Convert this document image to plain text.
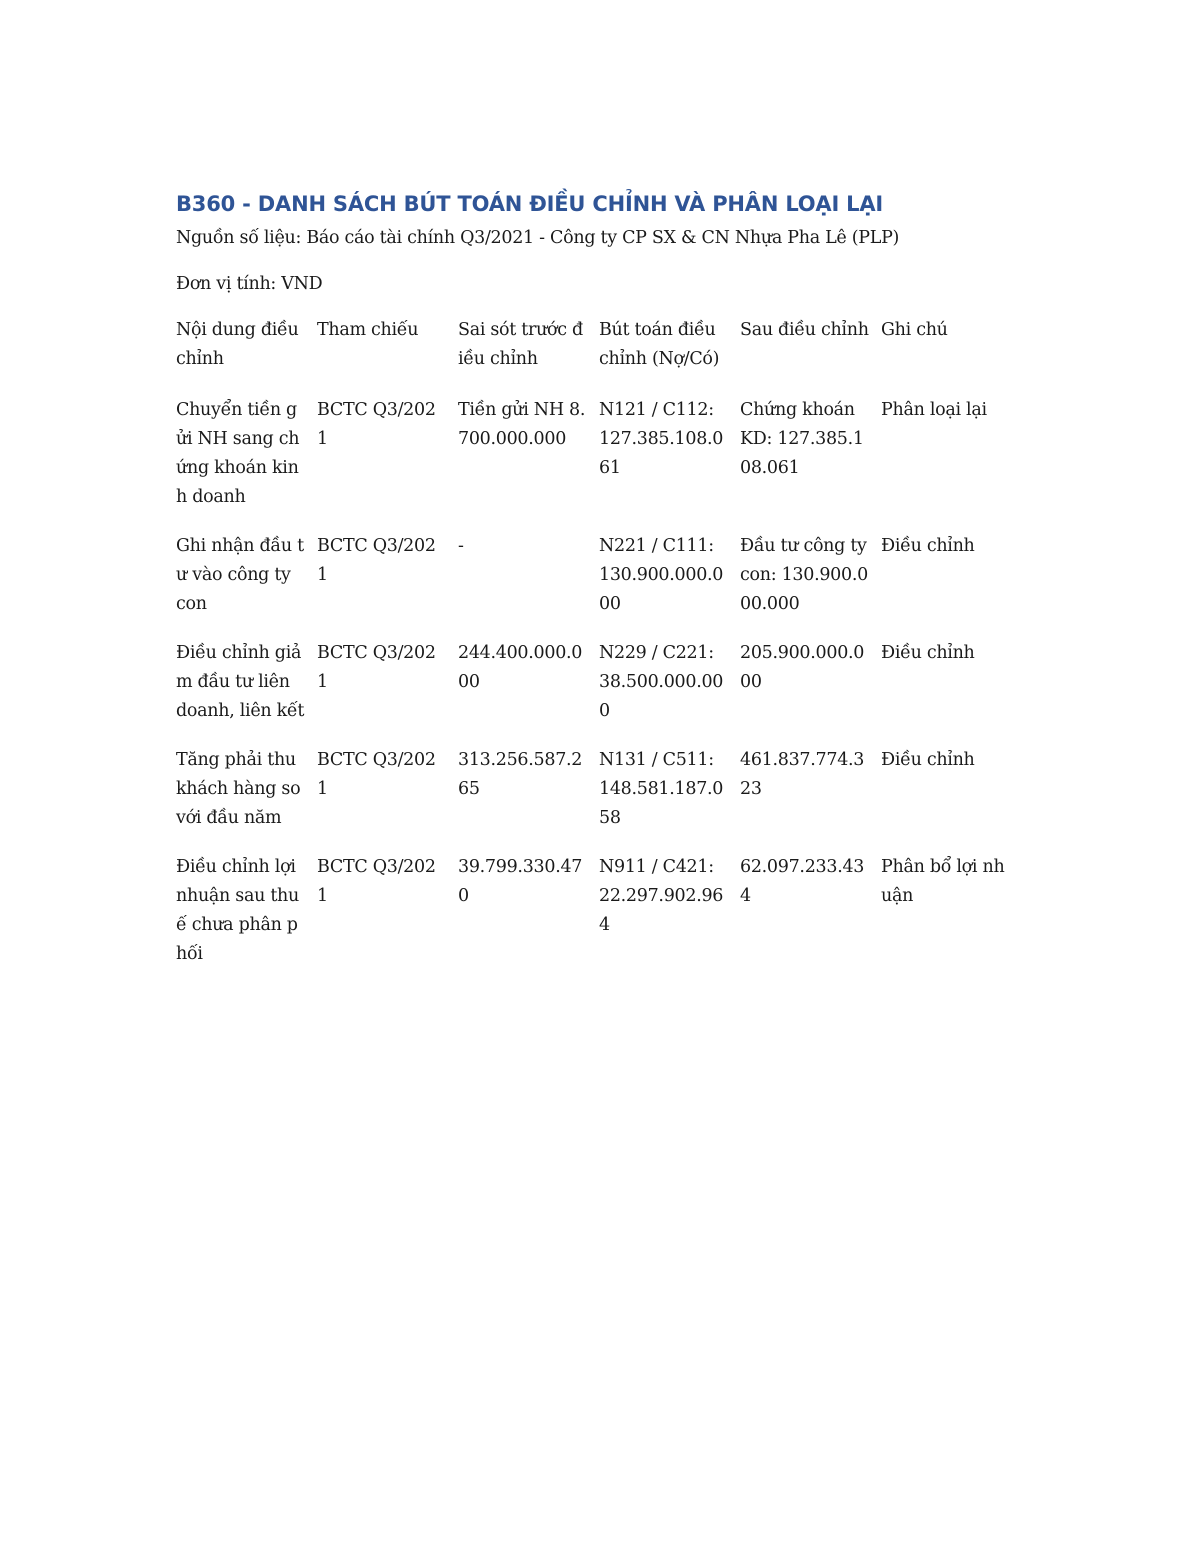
B360 - DANH SÁCH BÚT TOÁN ĐIỀU CHỈNH VÀ PHÂN LOẠI LẠI

Nguồn số liệu: Báo cáo tài chính Q3/2021 - Công ty CP SX & CN Nhựa Pha Lê (PLP)

Đơn vị tính: VND

Nội dung điều chỉnh	Tham chiếu	Sai sót trước điều chỉnh	Bút toán điều chỉnh (Nợ/Có)	Sau điều chỉnh	Ghi chú
Chuyển tiền gửi NH sang chứng khoán kinh doanh	BCTC Q3/2021	Tiền gửi NH 8.700.000.000	N121 / C112: 127.385.108.061	Chứng khoán KD: 127.385.108.061	Phân loại lại
Ghi nhận đầu tư vào công ty con	BCTC Q3/2021	-	N221 / C111: 130.900.000.000	Đầu tư công ty con: 130.900.000.000	Điều chỉnh
Điều chỉnh giảm đầu tư liên doanh, liên kết	BCTC Q3/2021	244.400.000.000	N229 / C221: 38.500.000.000	205.900.000.000	Điều chỉnh
Tăng phải thu khách hàng so với đầu năm	BCTC Q3/2021	313.256.587.265	N131 / C511: 148.581.187.058	461.837.774.323	Điều chỉnh
Điều chỉnh lợi nhuận sau thuế chưa phân phối	BCTC Q3/2021	39.799.330.470	N911 / C421: 22.297.902.964	62.097.233.434	Phân bổ lợi nhuận
